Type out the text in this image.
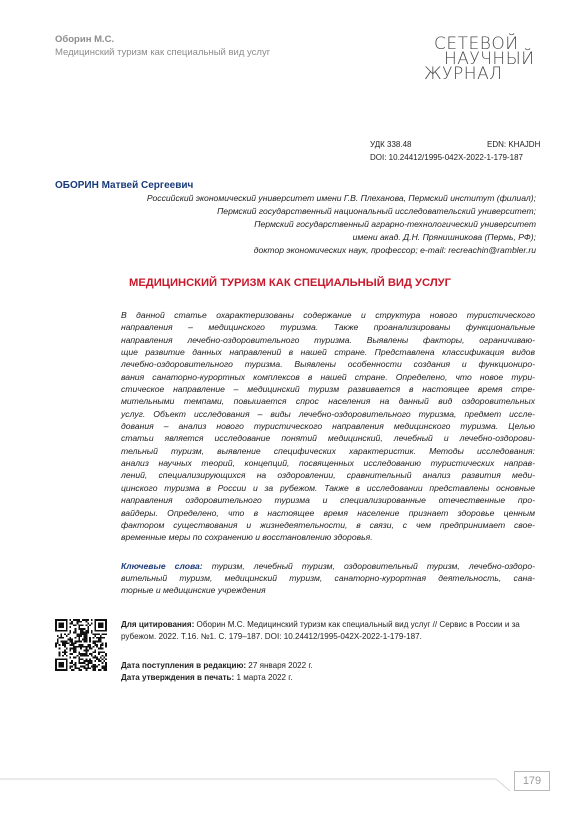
Оборин М.С.
Медицинский туризм как специальный вид услуг	СЕТЕВОЙ
НАУЧНЫЙ
ЖУРНАЛ
УДК 338.48	EDN: KHAJDH
DOI: 10.24412/1995-042X-2022-1-179-187
ОБОРИН Матвей Сергеевич
Российский экономический университет имени Г.В. Плеханова, Пермский институт (филиал);
Пермский государственный национальный исследовательский университет;
Пермский государственный аграрно-технологический университет
имени акад. Д.Н. Прянишникова (Пермь, РФ);
доктор экономических наук, профессор; e-mail: recreachin@rambler.ru
МЕДИЦИНСКИЙ ТУРИЗМ КАК СПЕЦИАЛЬНЫЙ ВИД УСЛУГ
В данной статье охарактеризованы содержание и структура нового туристического
направления – медицинского туризма. Также проанализированы функциональные
направления лечебно-оздоровительного туризма. Выявлены факторы, ограничиваю-
щие развитие данных направлений в нашей стране. Представлена классификация видов
лечебно-оздоровительного туризма. Выявлены особенности создания и функциониро-
вания санаторно-курортных комплексов в нашей стране. Определено, что новое тури-
стическое направление – медицинский туризм развивается в настоящее время стре-
мительными темпами, повышается спрос населения на данный вид оздоровительных
услуг. Объект исследования – виды лечебно-оздоровительного туризма, предмет иссле-
дования – анализ нового туристического направления медицинского туризма. Целью
статьи является исследование понятий медицинский, лечебный и лечебно-оздорови-
тельный туризм, выявление специфических характеристик. Методы исследования:
анализ научных теорий, концепций, посвященных исследованию туристических направ-
лений, специализирующихся на оздоровлении, сравнительный анализ развития меди-
цинского туризма в России и за рубежом. Также в исследовании представлены основные
направления оздоровительного туризма и специализированные отечественные про-
вайдеры. Определено, что в настоящее время население признает здоровье ценным
фактором существования и жизнедеятельности, в связи, с чем предпринимает свое-
временные меры по сохранению и восстановлению здоровья.
Ключевые слова: туризм, лечебный туризм, оздоровительный туризм, лечебно-оздоро-
вительный туризм, медицинский туризм, санаторно-курортная деятельность, сана-
торные и медицинские учреждения
Для цитирования: Оборин М.С. Медицинский туризм как специальный вид услуг // Сервис в России и за рубежом. 2022. Т.16. №1. С. 179–187. DOI: 10.24412/1995-042X-2022-1-179-187.
Дата поступления в редакцию: 27 января 2022 г.
Дата утверждения в печать: 1 марта 2022 г.
179
